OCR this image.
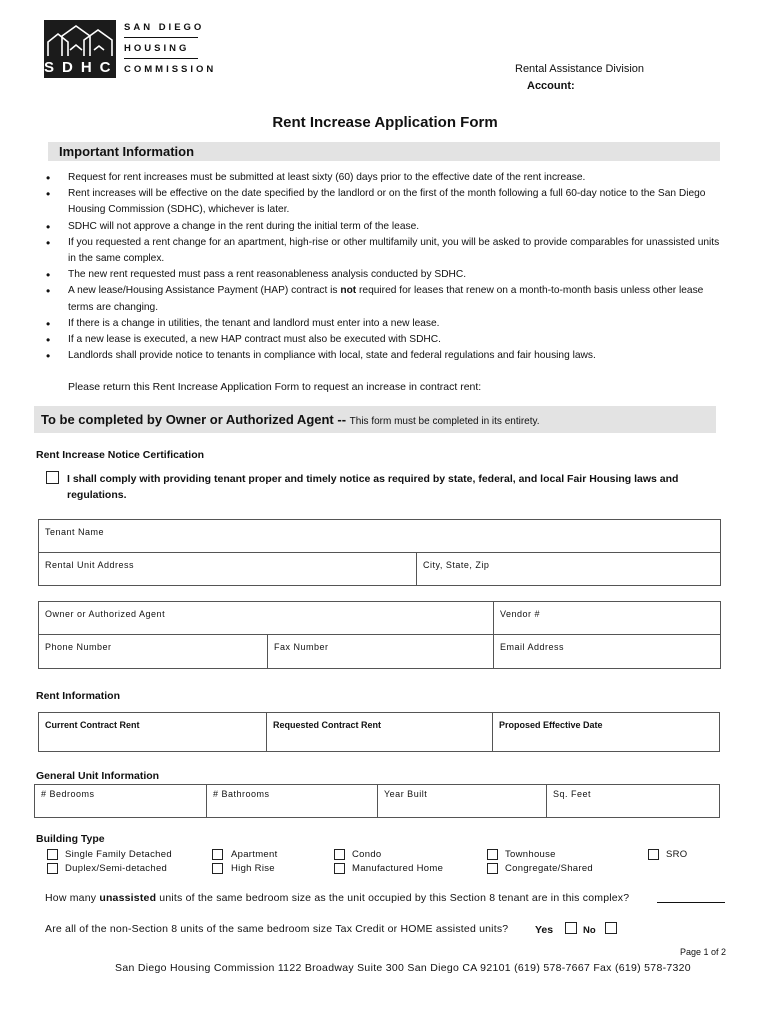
SDHC
SAN DIEGO
HOUSING
COMMISSION	Rental Assistance Division
Account:
Rent Increase Application Form
Important Information
• Request for rent increases must be submitted at least sixty (60) days prior to the effective date of the rent increase.
• Rent increases will be effective on the date specified by the landlord or on the first of the month following a full 60-day notice to the San Diego Housing Commission (SDHC), whichever is later.
• SDHC will not approve a change in the rent during the initial term of the lease.
• If you requested a rent change for an apartment, high-rise or other multifamily unit, you will be asked to provide comparables for unassisted units in the same complex.
• The new rent requested must pass a rent reasonableness analysis conducted by SDHC.
• A new lease/Housing Assistance Payment (HAP) contract is not required for leases that renew on a month-to-month basis unless other lease terms are changing.
• If there is a change in utilities, the tenant and landlord must enter into a new lease.
• If a new lease is executed, a new HAP contract must also be executed with SDHC.
• Landlords shall provide notice to tenants in compliance with local, state and federal regulations and fair housing laws.
Please return this Rent Increase Application Form to request an increase in contract rent:
To be completed by Owner or Authorized Agent -- This form must be completed in its entirety.
Rent Increase Notice Certification
I shall comply with providing tenant proper and timely notice as required by state, federal, and local Fair Housing laws and regulations.
Tenant Name
Rental Unit Address	City, State, Zip
Owner or Authorized Agent		Vendor #
Phone Number	Fax Number	Email Address
Rent Information
Current Contract Rent	Requested Contract Rent	Proposed Effective Date
General Unit Information
# Bedrooms	# Bathrooms	Year Built	Sq. Feet
Building Type
Single Family Detached
Duplex/Semi-detached
Apartment
High Rise
Condo
Manufactured Home
Townhouse
Congregate/Shared
SRO
How many unassisted units of the same bedroom size as the unit occupied by this Section 8 tenant are in this complex?
Are all of the non-Section 8 units of the same bedroom size Tax Credit or HOME assisted units?	Yes	No
Page 1 of 2
San Diego Housing Commission 1122 Broadway Suite 300 San Diego CA 92101 (619) 578-7667 Fax (619) 578-7320
